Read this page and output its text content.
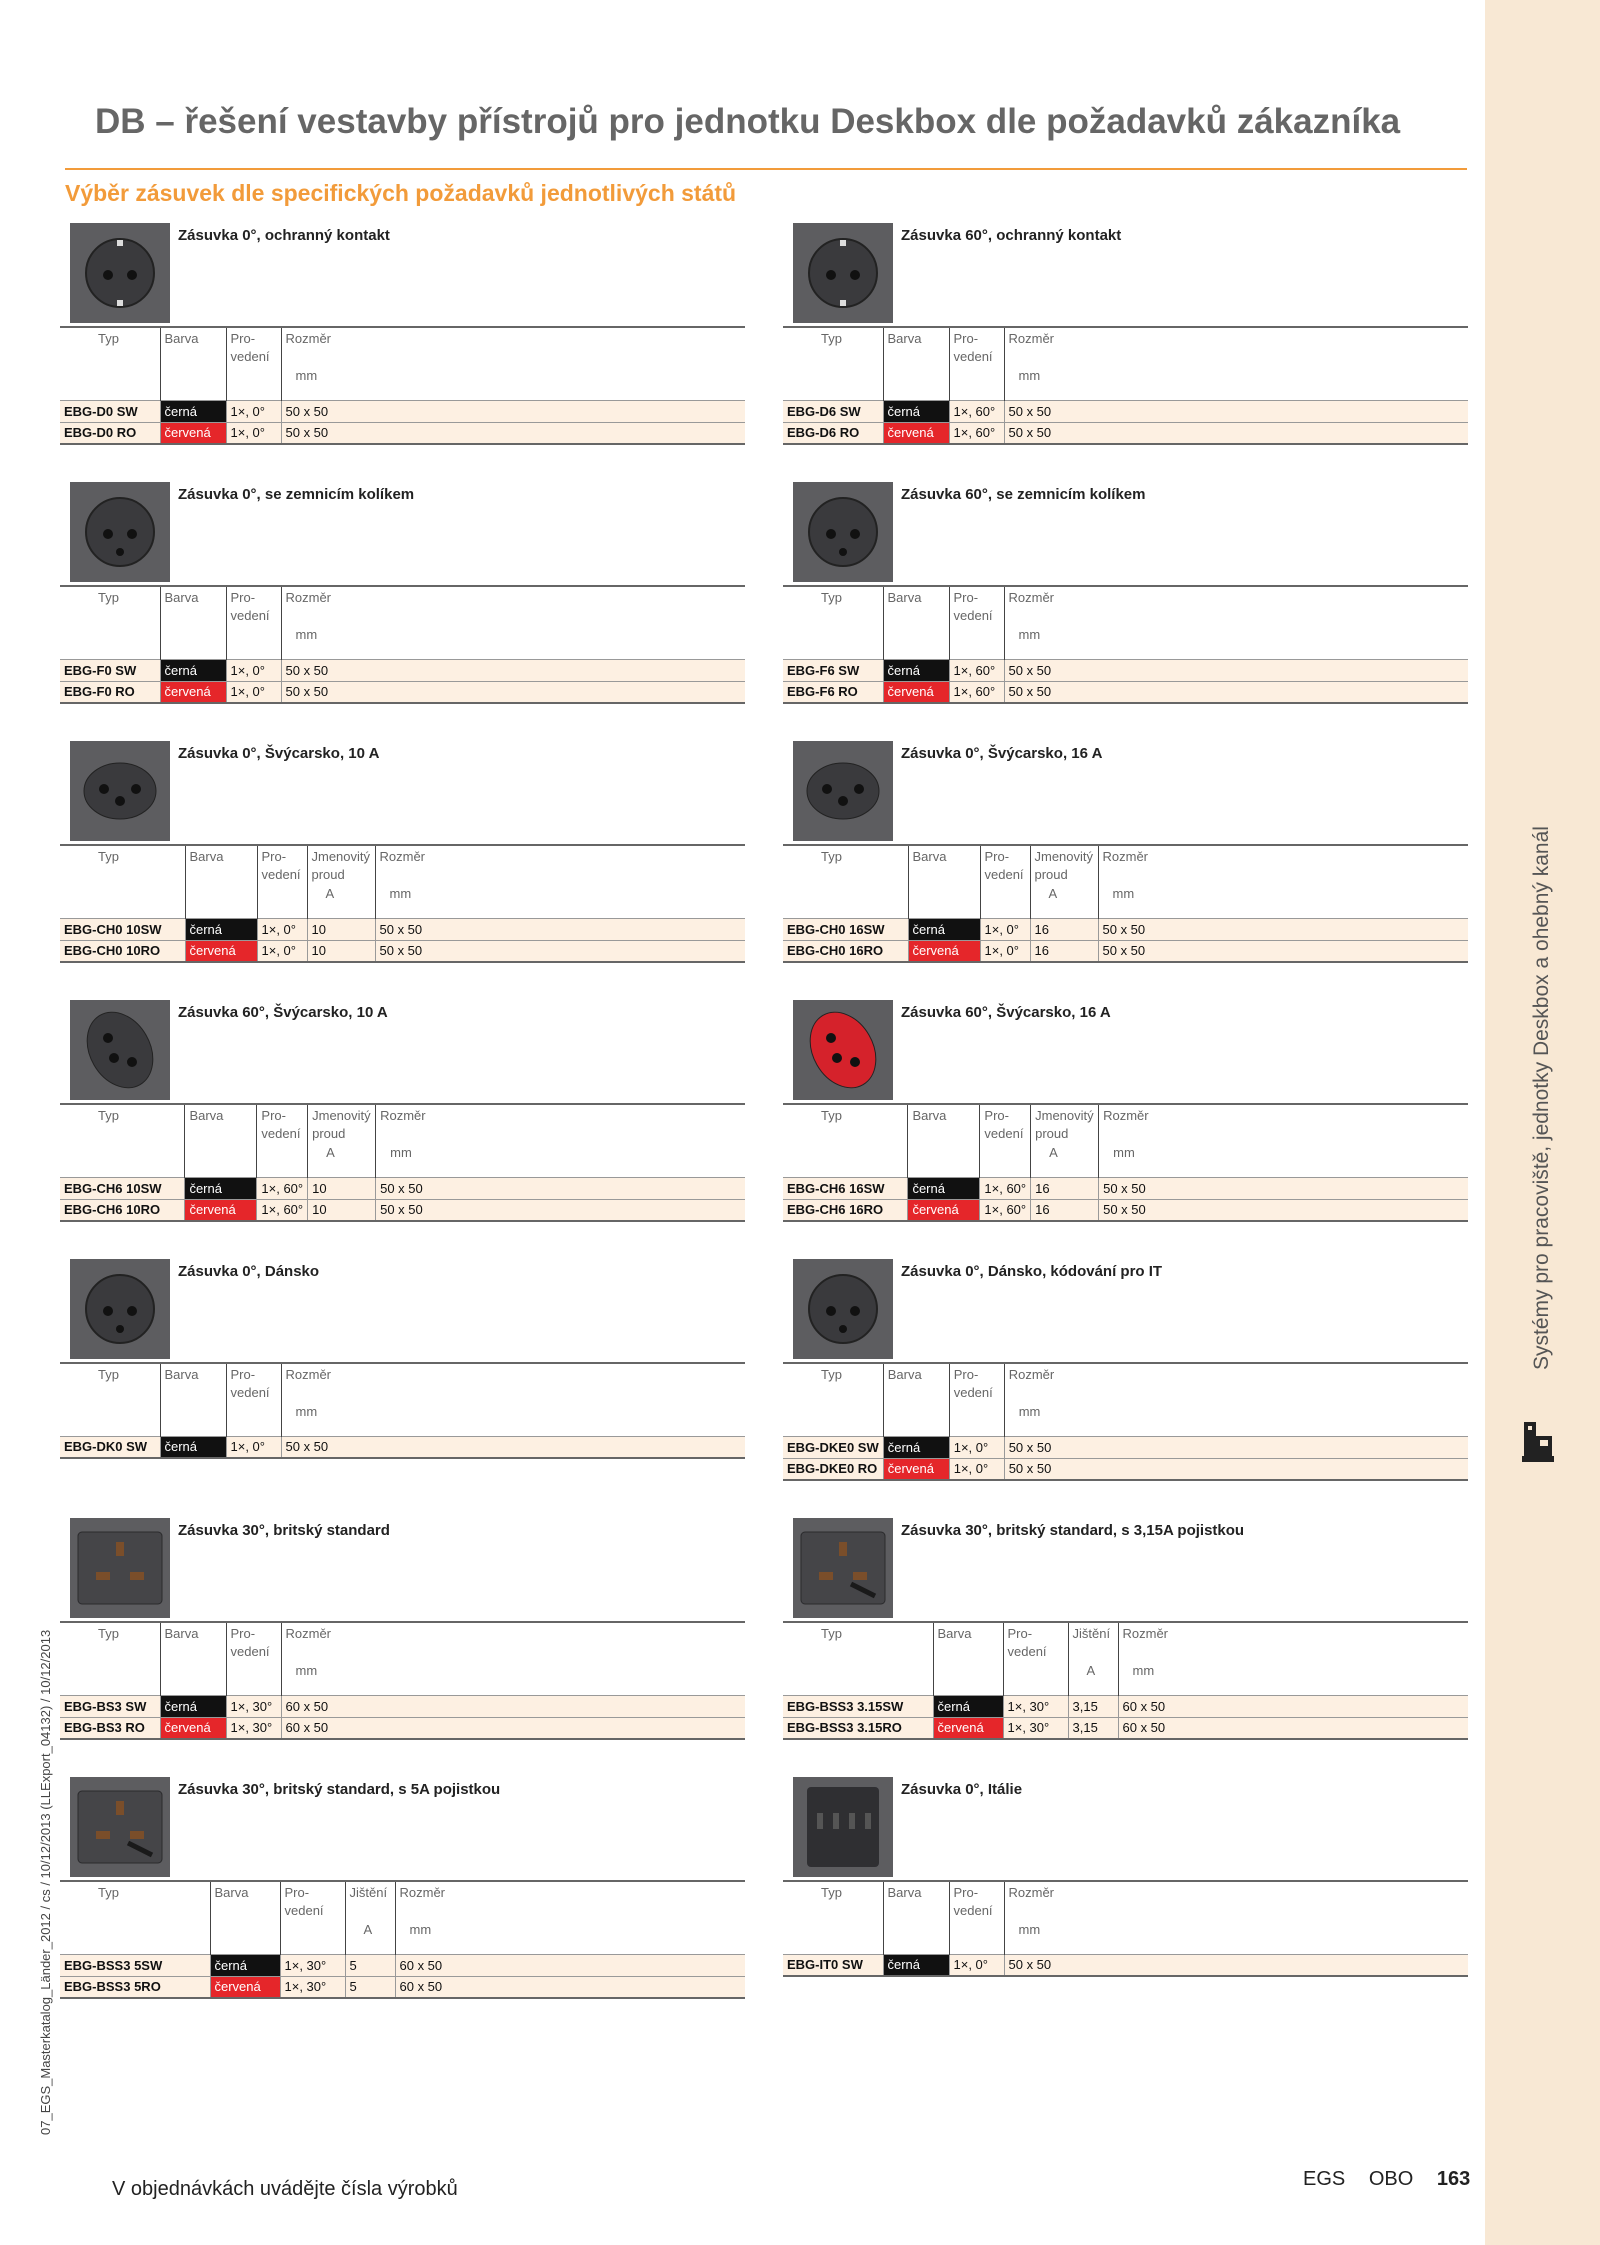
Systémy pro pracoviště, jednotky Deskbox a ohebný kanál
07_EGS_Masterkatalog_Länder_2012 / cs / 10/12/2013 (LLExport_04132) / 10/12/2013
DB – řešení vestavby přístrojů pro jednotku Deskbox dle požadavků zákazníka
Výběr zásuvek dle specifických požadavků jednotlivých států
Zásuvka 0°, ochranný kontakt
Typ	Barva	Pro-
vedení	Rozměr
mm

EBG-D0 SW	černá	1×, 0°	50 x 50
EBG-D0 RO	červená	1×, 0°	50 x 50
Zásuvka 60°, ochranný kontakt
Typ	Barva	Pro-
vedení	Rozměr
mm

EBG-D6 SW	černá	1×, 60°	50 x 50
EBG-D6 RO	červená	1×, 60°	50 x 50
Zásuvka 0°, se zemnicím kolíkem
Typ	Barva	Pro-
vedení	Rozměr
mm

EBG-F0 SW	černá	1×, 0°	50 x 50
EBG-F0 RO	červená	1×, 0°	50 x 50
Zásuvka 60°, se zemnicím kolíkem
Typ	Barva	Pro-
vedení	Rozměr
mm

EBG-F6 SW	černá	1×, 60°	50 x 50
EBG-F6 RO	červená	1×, 60°	50 x 50
Zásuvka 0°, Švýcarsko, 10 A
Typ	Barva	Pro-
vedení	Jmenovitý
proud
A	Rozměr
mm

EBG-CH0 10SW	černá	1×, 0°	10	50 x 50
EBG-CH0 10RO	červená	1×, 0°	10	50 x 50
Zásuvka 0°, Švýcarsko, 16 A
Typ	Barva	Pro-
vedení	Jmenovitý
proud
A	Rozměr
mm

EBG-CH0 16SW	černá	1×, 0°	16	50 x 50
EBG-CH0 16RO	červená	1×, 0°	16	50 x 50
Zásuvka 60°, Švýcarsko, 10 A
Typ	Barva	Pro-
vedení	Jmenovitý
proud
A	Rozměr
mm

EBG-CH6 10SW	černá	1×, 60°	10	50 x 50
EBG-CH6 10RO	červená	1×, 60°	10	50 x 50
Zásuvka 60°, Švýcarsko, 16 A
Typ	Barva	Pro-
vedení	Jmenovitý
proud
A	Rozměr
mm

EBG-CH6 16SW	černá	1×, 60°	16	50 x 50
EBG-CH6 16RO	červená	1×, 60°	16	50 x 50
Zásuvka 0°, Dánsko
Typ	Barva	Pro-
vedení	Rozměr
mm

EBG-DK0 SW	černá	1×, 0°	50 x 50
Zásuvka 0°, Dánsko, kódování pro IT
Typ	Barva	Pro-
vedení	Rozměr
mm

EBG-DKE0 SW	černá	1×, 0°	50 x 50
EBG-DKE0 RO	červená	1×, 0°	50 x 50
Zásuvka 30°, britský standard
Typ	Barva	Pro-
vedení	Rozměr
mm

EBG-BS3 SW	černá	1×, 30°	60 x 50
EBG-BS3 RO	červená	1×, 30°	60 x 50
Zásuvka 30°, britský standard, s 3,15A pojistkou
Typ	Barva	Pro-
vedení	Jištění
A	Rozměr
mm

EBG-BSS3 3.15SW	černá	1×, 30°	3,15	60 x 50
EBG-BSS3 3.15RO	červená	1×, 30°	3,15	60 x 50
Zásuvka 30°, britský standard, s 5A pojistkou
Typ	Barva	Pro-
vedení	Jištění
A	Rozměr
mm

EBG-BSS3 5SW	černá	1×, 30°	5	60 x 50
EBG-BSS3 5RO	červená	1×, 30°	5	60 x 50
Zásuvka 0°, Itálie
Typ	Barva	Pro-
vedení	Rozměr
mm

EBG-IT0 SW	černá	1×, 0°	50 x 50
V objednávkách uvádějte čísla výrobků	EGS OBO 163
